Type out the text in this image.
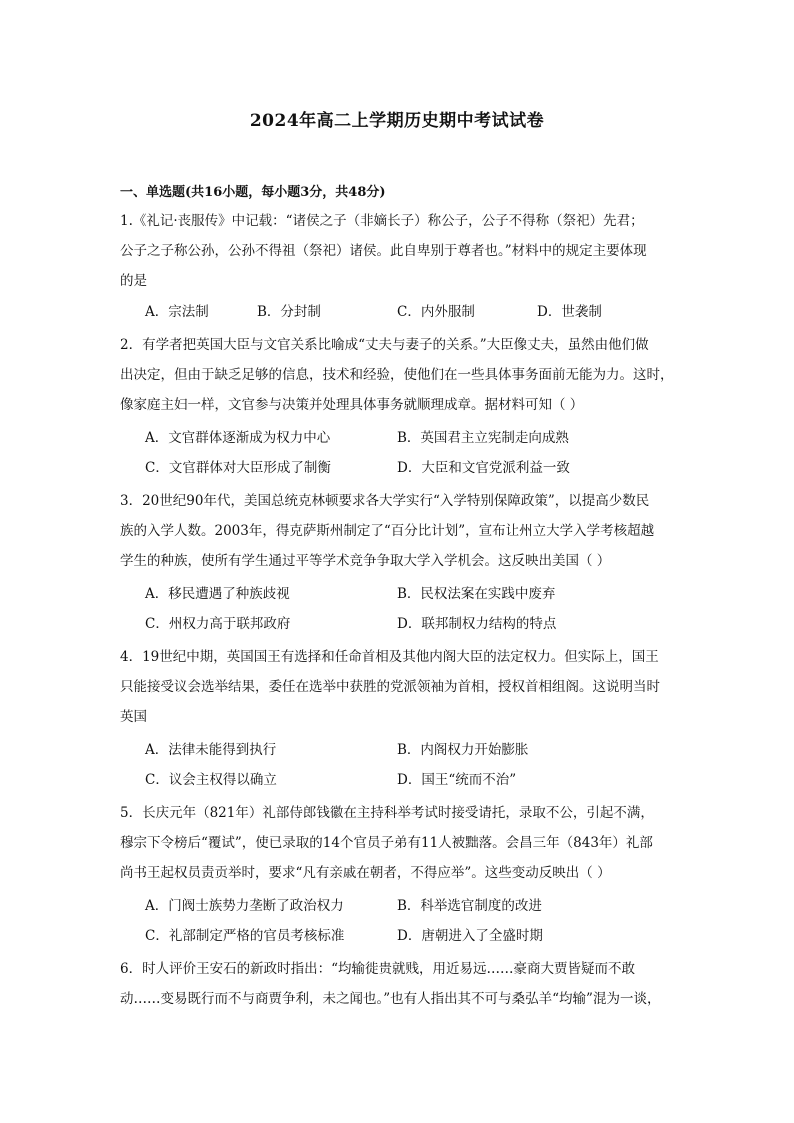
2024年高二上学期历史期中考试试卷
一、单选题(共16小题，每小题3分，共48分)
1.《礼记·丧服传》中记载：“诸侯之子（非嫡长子）称公子，公子不得称（祭祀）先君；
公子之子称公孙，公孙不得祖（祭祀）诸侯。此自卑别于尊者也。”材料中的规定主要体现
的是
A．宗法制	B．分封制	C．内外服制	D．世袭制
2．有学者把英国大臣与文官关系比喻成“丈夫与妻子的关系。”大臣像丈夫，虽然由他们做
出决定，但由于缺乏足够的信息，技术和经验，使他们在一些具体事务面前无能为力。这时，
像家庭主妇一样，文官参与决策并处理具体事务就顺理成章。据材料可知（ ）
A．文官群体逐渐成为权力中心	B．英国君主立宪制走向成熟
C．文官群体对大臣形成了制衡	D．大臣和文官党派利益一致
3．20世纪90年代，美国总统克林顿要求各大学实行“入学特别保障政策”，以提高少数民
族的入学人数。2003年，得克萨斯州制定了“百分比计划”，宣布让州立大学入学考核超越
学生的种族，使所有学生通过平等学术竞争争取大学入学机会。这反映出美国（ ）
A．移民遭遇了种族歧视	B．民权法案在实践中废弃
C．州权力高于联邦政府	D．联邦制权力结构的特点
4．19世纪中期，英国国王有选择和任命首相及其他内阁大臣的法定权力。但实际上，国王
只能接受议会选举结果，委任在选举中获胜的党派领袖为首相，授权首相组阁。这说明当时
英国
A．法律未能得到执行	B．内阁权力开始膨胀
C．议会主权得以确立	D．国王“统而不治”
5．长庆元年（821年）礼部侍郎钱徽在主持科举考试时接受请托，录取不公，引起不满，
穆宗下令榜后“覆试”，使已录取的14个官员子弟有11人被黜落。会昌三年（843年）礼部
尚书王起权员责贡举时，要求“凡有亲戚在朝者，不得应举”。这些变动反映出（ ）
A．门阀士族势力垄断了政治权力	B．科举选官制度的改进
C．礼部制定严格的官员考核标准	D．唐朝进入了全盛时期
6．时人评价王安石的新政时指出：“均输徙贵就贱，用近易远……豪商大贾皆疑而不敢
动……变易既行而不与商贾争利，未之闻也。”也有人指出其不可与桑弘羊“均输”混为一谈，
